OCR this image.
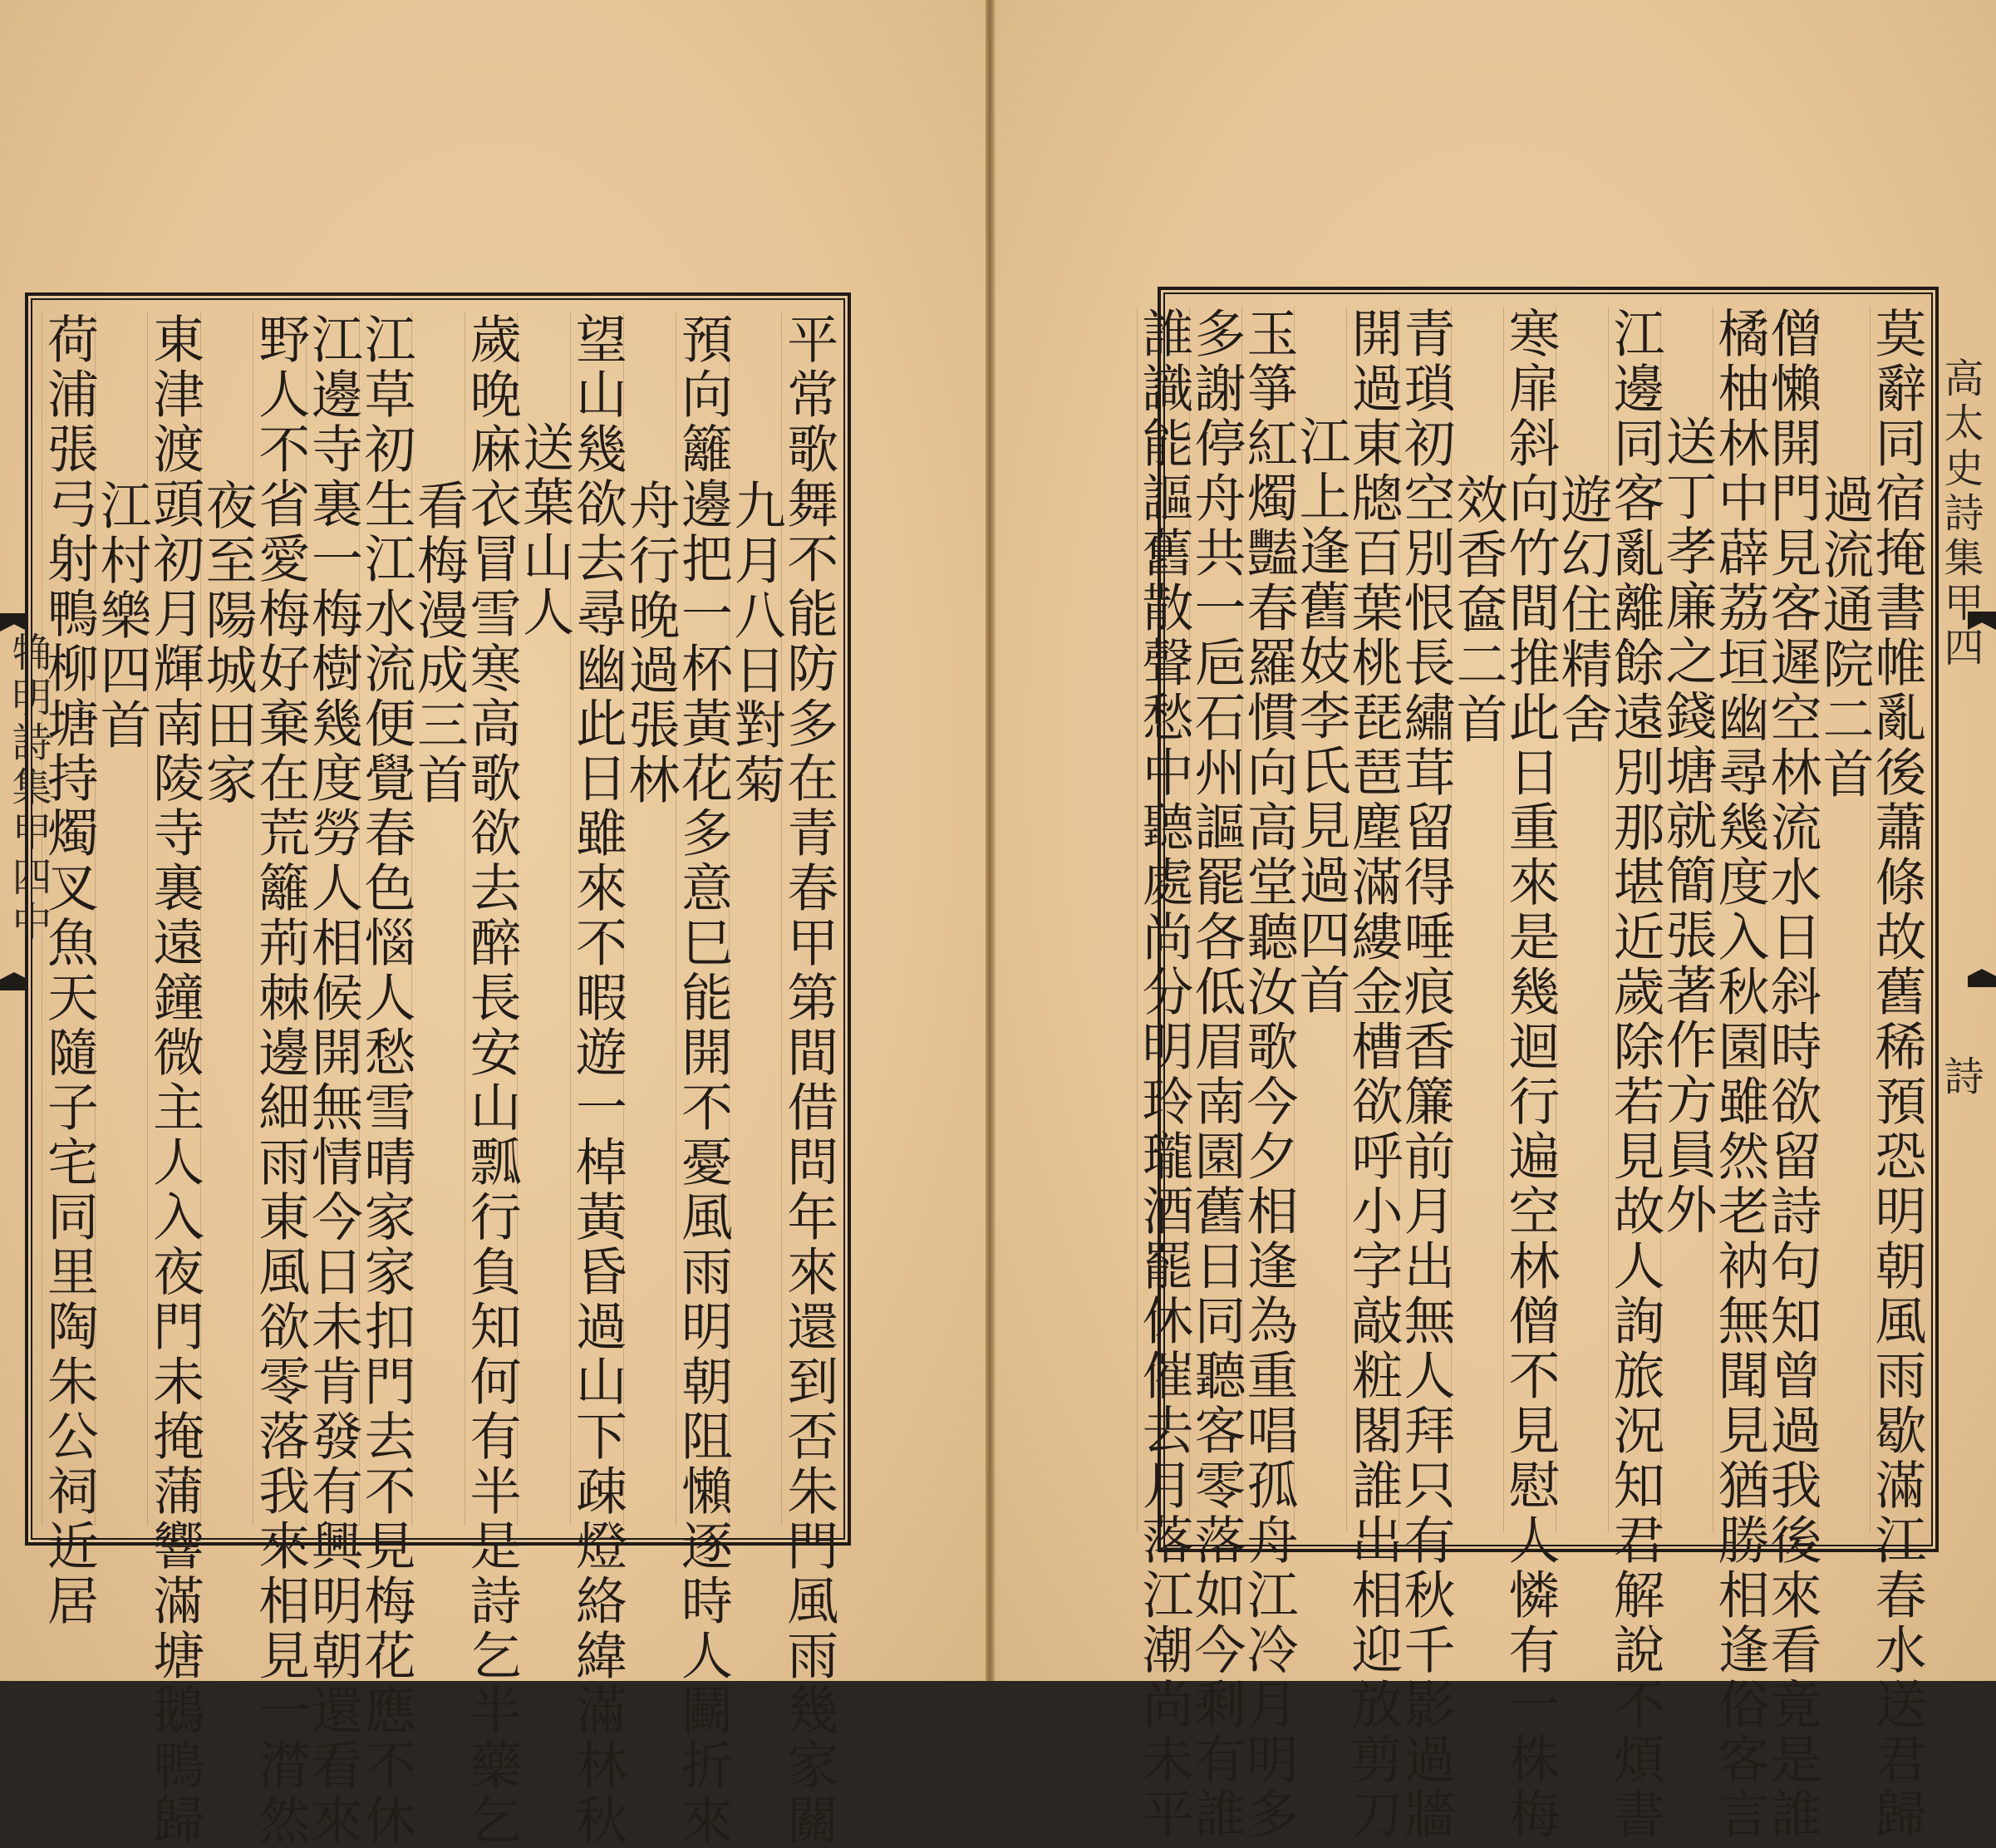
觕明詩集甲四中	平常歌舞不能防多在青春甲第間借問年來還到否朱門風雨幾家關
九月八日對菊
預向籬邊把一杯黃花多意巳能開不憂風雨明朝阻懶逐時人鬬折來
舟行晚過張林
望山幾欲去尋幽此日雖來不暇遊一棹黃昏過山下疎燈絡緯滿林秋
送葉山人
歲晚麻衣冒雪寒高歌欲去醉長安山瓢行負知何有半是詩乞半藥乞
看梅漫成三首
江草初生江水流便覺春色惱人愁雪晴家家扣門去不見梅花應不休
江邊寺裏一梅樹幾度勞人相候開無情今日未肯發有興明朝還看來
野人不省愛梅好棄在荒籬荊棘邊細雨東風欲零落我來相見一潸然
夜至陽城田家
東津渡頭初月輝南陵寺裏遠鐘微主人入夜門未掩蒲響滿塘鵝鴨歸
江村樂四首
荷浦張弓射鴨柳塘持燭叉魚天隨子宅同里陶朱公祠近居	高太史詩集甲四
詩
莫辭同宿掩書帷亂後蕭條故舊稀預恐明朝風雨歇滿江春水送君歸
過流通院二首
僧懶開門見客遲空林流水日斜時欲留詩句知曾過我後來看竟是誰
橘柚林中薜荔垣幽尋幾度入秋園雖然老衲無聞見猶勝相逢俗客言
送丁孝廉之錢塘就簡張著作方員外
江邊同客亂離餘遠別那堪近歲除若見故人詢旅況知君解說不煩書
遊幻住精舍
寒扉斜向竹間推此日重來是幾迴行遍空林僧不見慰人憐有一株梅
效香奩二首
青瑣初空別恨長繡茸留得唾痕香簾前月出無人拜只有秋千影過牆
開過東牕百葉桃琵琶塵滿縷金槽欲呼小字敲粧閣誰出相迎放剪刀
江上逢舊妓李氏見過四首
玉箏紅燭豔春羅慣向高堂聽汝歌今夕相逢為重唱孤舟江冷月明多
多謝停舟共一巵石州謳罷各低眉南園舊日同聽客零落如今剩有誰
誰識能謳舊散聲愁中聽處尚分明玲瓏酒罷休催去月落江潮尚未平
